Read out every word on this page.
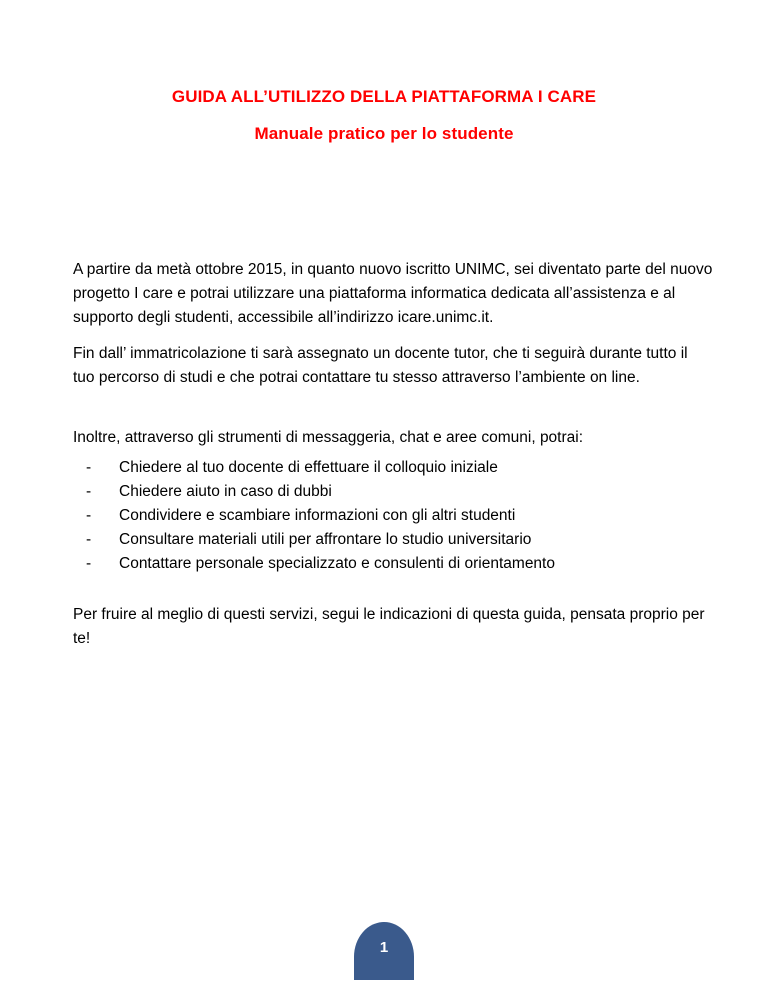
GUIDA ALL’UTILIZZO DELLA PIATTAFORMA I CARE
Manuale pratico per lo studente

A partire da metà ottobre 2015, in quanto nuovo iscritto UNIMC, sei diventato parte del nuovo progetto I care e potrai utilizzare una piattaforma informatica dedicata all’assistenza e al supporto degli studenti, accessibile all’indirizzo icare.unimc.it.

Fin dall’ immatricolazione ti sarà assegnato un docente tutor, che ti seguirà durante tutto il tuo percorso di studi e che potrai contattare tu stesso attraverso l’ambiente on line.

Inoltre, attraverso gli strumenti di messaggeria, chat e aree comuni, potrai:

- Chiedere al tuo docente di effettuare il colloquio iniziale
- Chiedere aiuto in caso di dubbi
- Condividere e scambiare informazioni con gli altri studenti
- Consultare materiali utili per affrontare lo studio universitario
- Contattare personale specializzato e consulenti di orientamento

Per fruire al meglio di questi servizi, segui le indicazioni di questa guida, pensata proprio per te!

1
